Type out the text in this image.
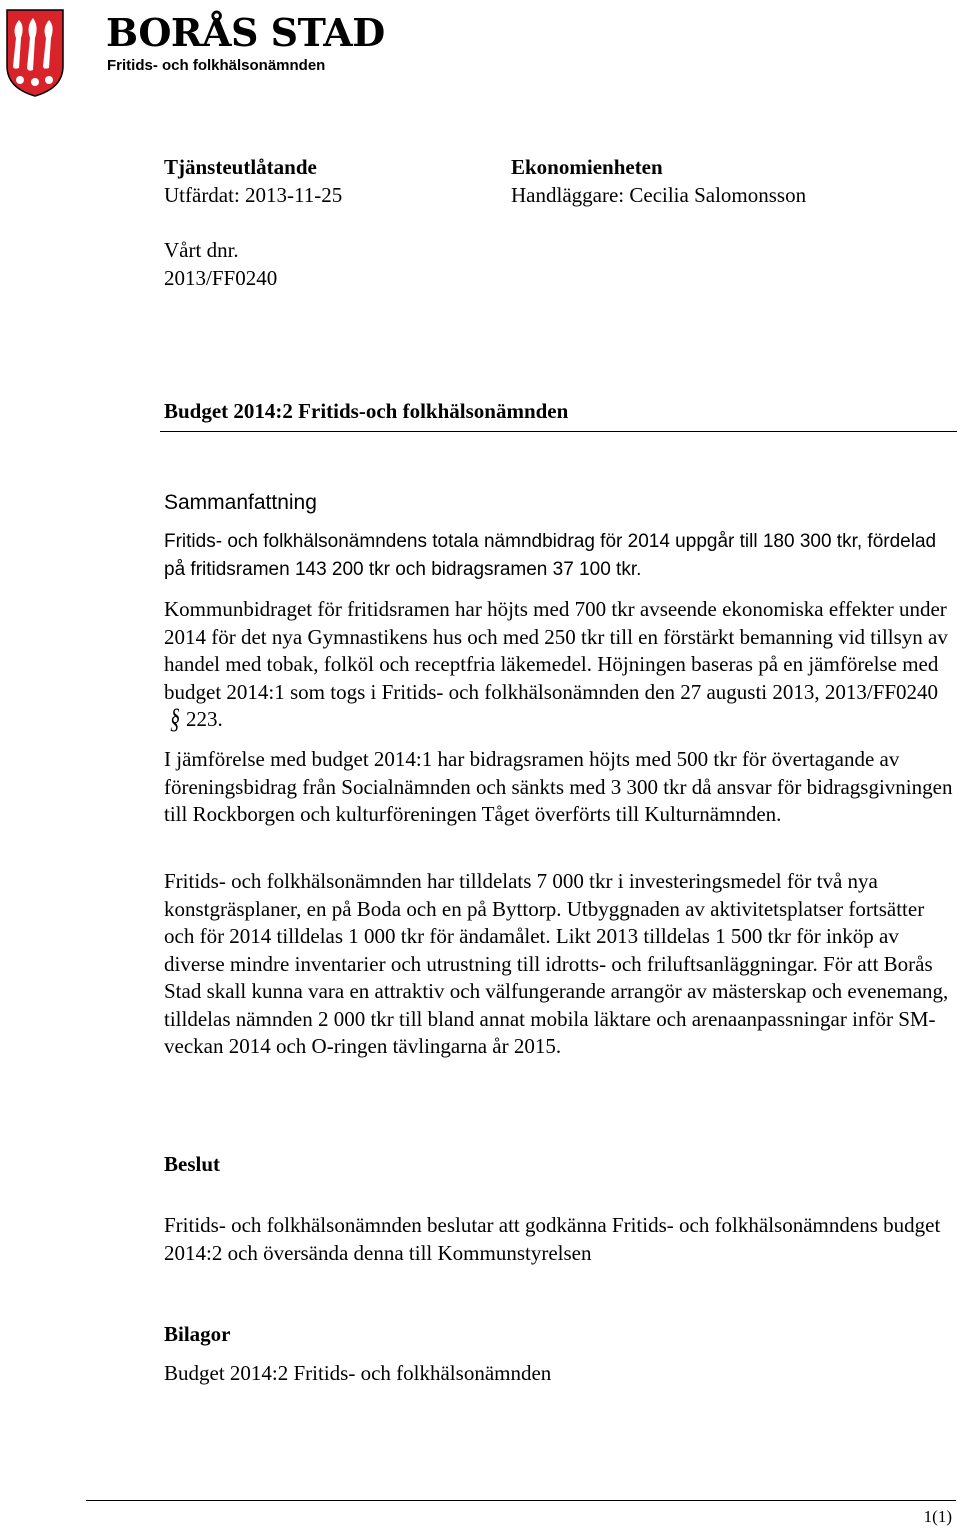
BORÅS STAD
Fritids- och folkhälsonämnden
Tjänsteutlåtande
Utfärdat: 2013-11-25
Vårt dnr.
2013/FF0240
Ekonomienheten
Handläggare: Cecilia Salomonsson
Budget 2014:2 Fritids-och folkhälsonämnden
Sammanfattning
Fritids- och folkhälsonämndens totala nämndbidrag för 2014 uppgår till 180 300 tkr, fördelad på fritidsramen 143 200 tkr och bidragsramen 37 100 tkr.
Kommunbidraget för fritidsramen har höjts med 700 tkr avseende ekonomiska effekter under 2014 för det nya Gymnastikens hus och med 250 tkr till en förstärkt bemanning vid tillsyn av handel med tobak, folköl och receptfria läkemedel. Höjningen baseras på en jämförelse med budget 2014:1 som togs i Fritids- och folkhälsonämnden den 27 augusti 2013, 2013/FF0240§ 223.
I jämförelse med budget 2014:1 har bidragsramen höjts med 500 tkr för övertagande av föreningsbidrag från Socialnämnden och sänkts med 3 300 tkr då ansvar för bidragsgivningen till Rockborgen och kulturföreningen Tåget överförts till Kulturnämnden.
Fritids- och folkhälsonämnden har tilldelats 7 000 tkr i investeringsmedel för två nya konstgräsplaner, en på Boda och en på Byttorp. Utbyggnaden av aktivitetsplatser fortsätter och för 2014 tilldelas 1 000 tkr för ändamålet. Likt 2013 tilldelas 1 500 tkr för inköp av diverse mindre inventarier och utrustning till idrotts- och friluftsanläggningar. För att Borås Stad skall kunna vara en attraktiv och välfungerande arrangör av mästerskap och evenemang, tilldelas nämnden 2 000 tkr till bland annat mobila läktare och arenaanpassningar inför SM-veckan 2014 och O-ringen tävlingarna år 2015.
Beslut
Fritids- och folkhälsonämnden beslutar att godkänna Fritids- och folkhälsonämndens budget 2014:2 och översända denna till Kommunstyrelsen
Bilagor
Budget 2014:2 Fritids- och folkhälsonämnden
1(1)
